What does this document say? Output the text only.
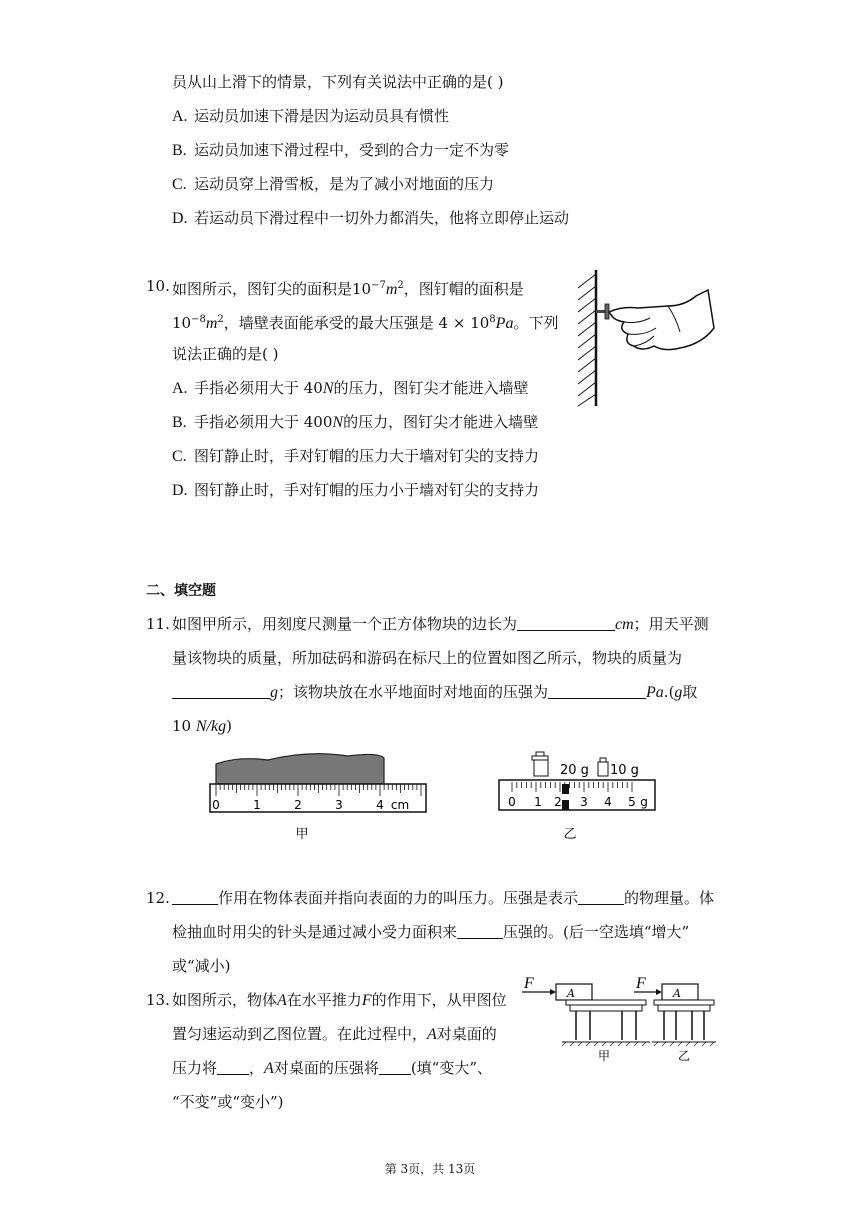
员从山上滑下的情景，下列有关说法中正确的是( )
A. 运动员加速下滑是因为运动员具有惯性
B. 运动员加速下滑过程中，受到的合力一定不为零
C. 运动员穿上滑雪板，是为了减小对地面的压力
D. 若运动员下滑过程中一切外力都消失，他将立即停止运动
10. 如图所示，图钉尖的面积是$10^{-7}m^2$，图钉帽的面积是
$10^{-8}m^2$，墙壁表面能承受的最大压强是 $4 \times 10^8Pa$。下列
说法正确的是( )
A. 手指必须用大于 40N的压力，图钉尖才能进入墙壁
B. 手指必须用大于 400N的压力，图钉尖才能进入墙壁
C. 图钉静止时，手对钉帽的压力大于墙对钉尖的支持力
D. 图钉静止时，手对钉帽的压力小于墙对钉尖的支持力
二、填空题
11. 如图甲所示，用刻度尺测量一个正方体物块的边长为	cm；用天平测
量该物块的质量，所加砝码和游码在标尺上的位置如图乙所示，物块的质量为
g；该物块放在水平地面时对地面的压强为	Pa.(g取
10 N/kg)
0	1	2	3	4 cm
甲
20 g 10 g
0 1 2 3 4 5 g
乙
12.	作用在物体表面并指向表面的力的叫压力。压强是表示	的物理量。体
检抽血时用尖的针头是通过减小受力面积来	压强的。(后一空选填“增大”
或“减小)
13. 如图所示，物体A在水平推力F的作用下，从甲图位
置匀速运动到乙图位置。在此过程中，A对桌面的
压力将 ，A对桌面的压强将 (填“变大”、
“不变”或“变小”)
F
A
甲
F
A
乙
第 3页，共 13页
